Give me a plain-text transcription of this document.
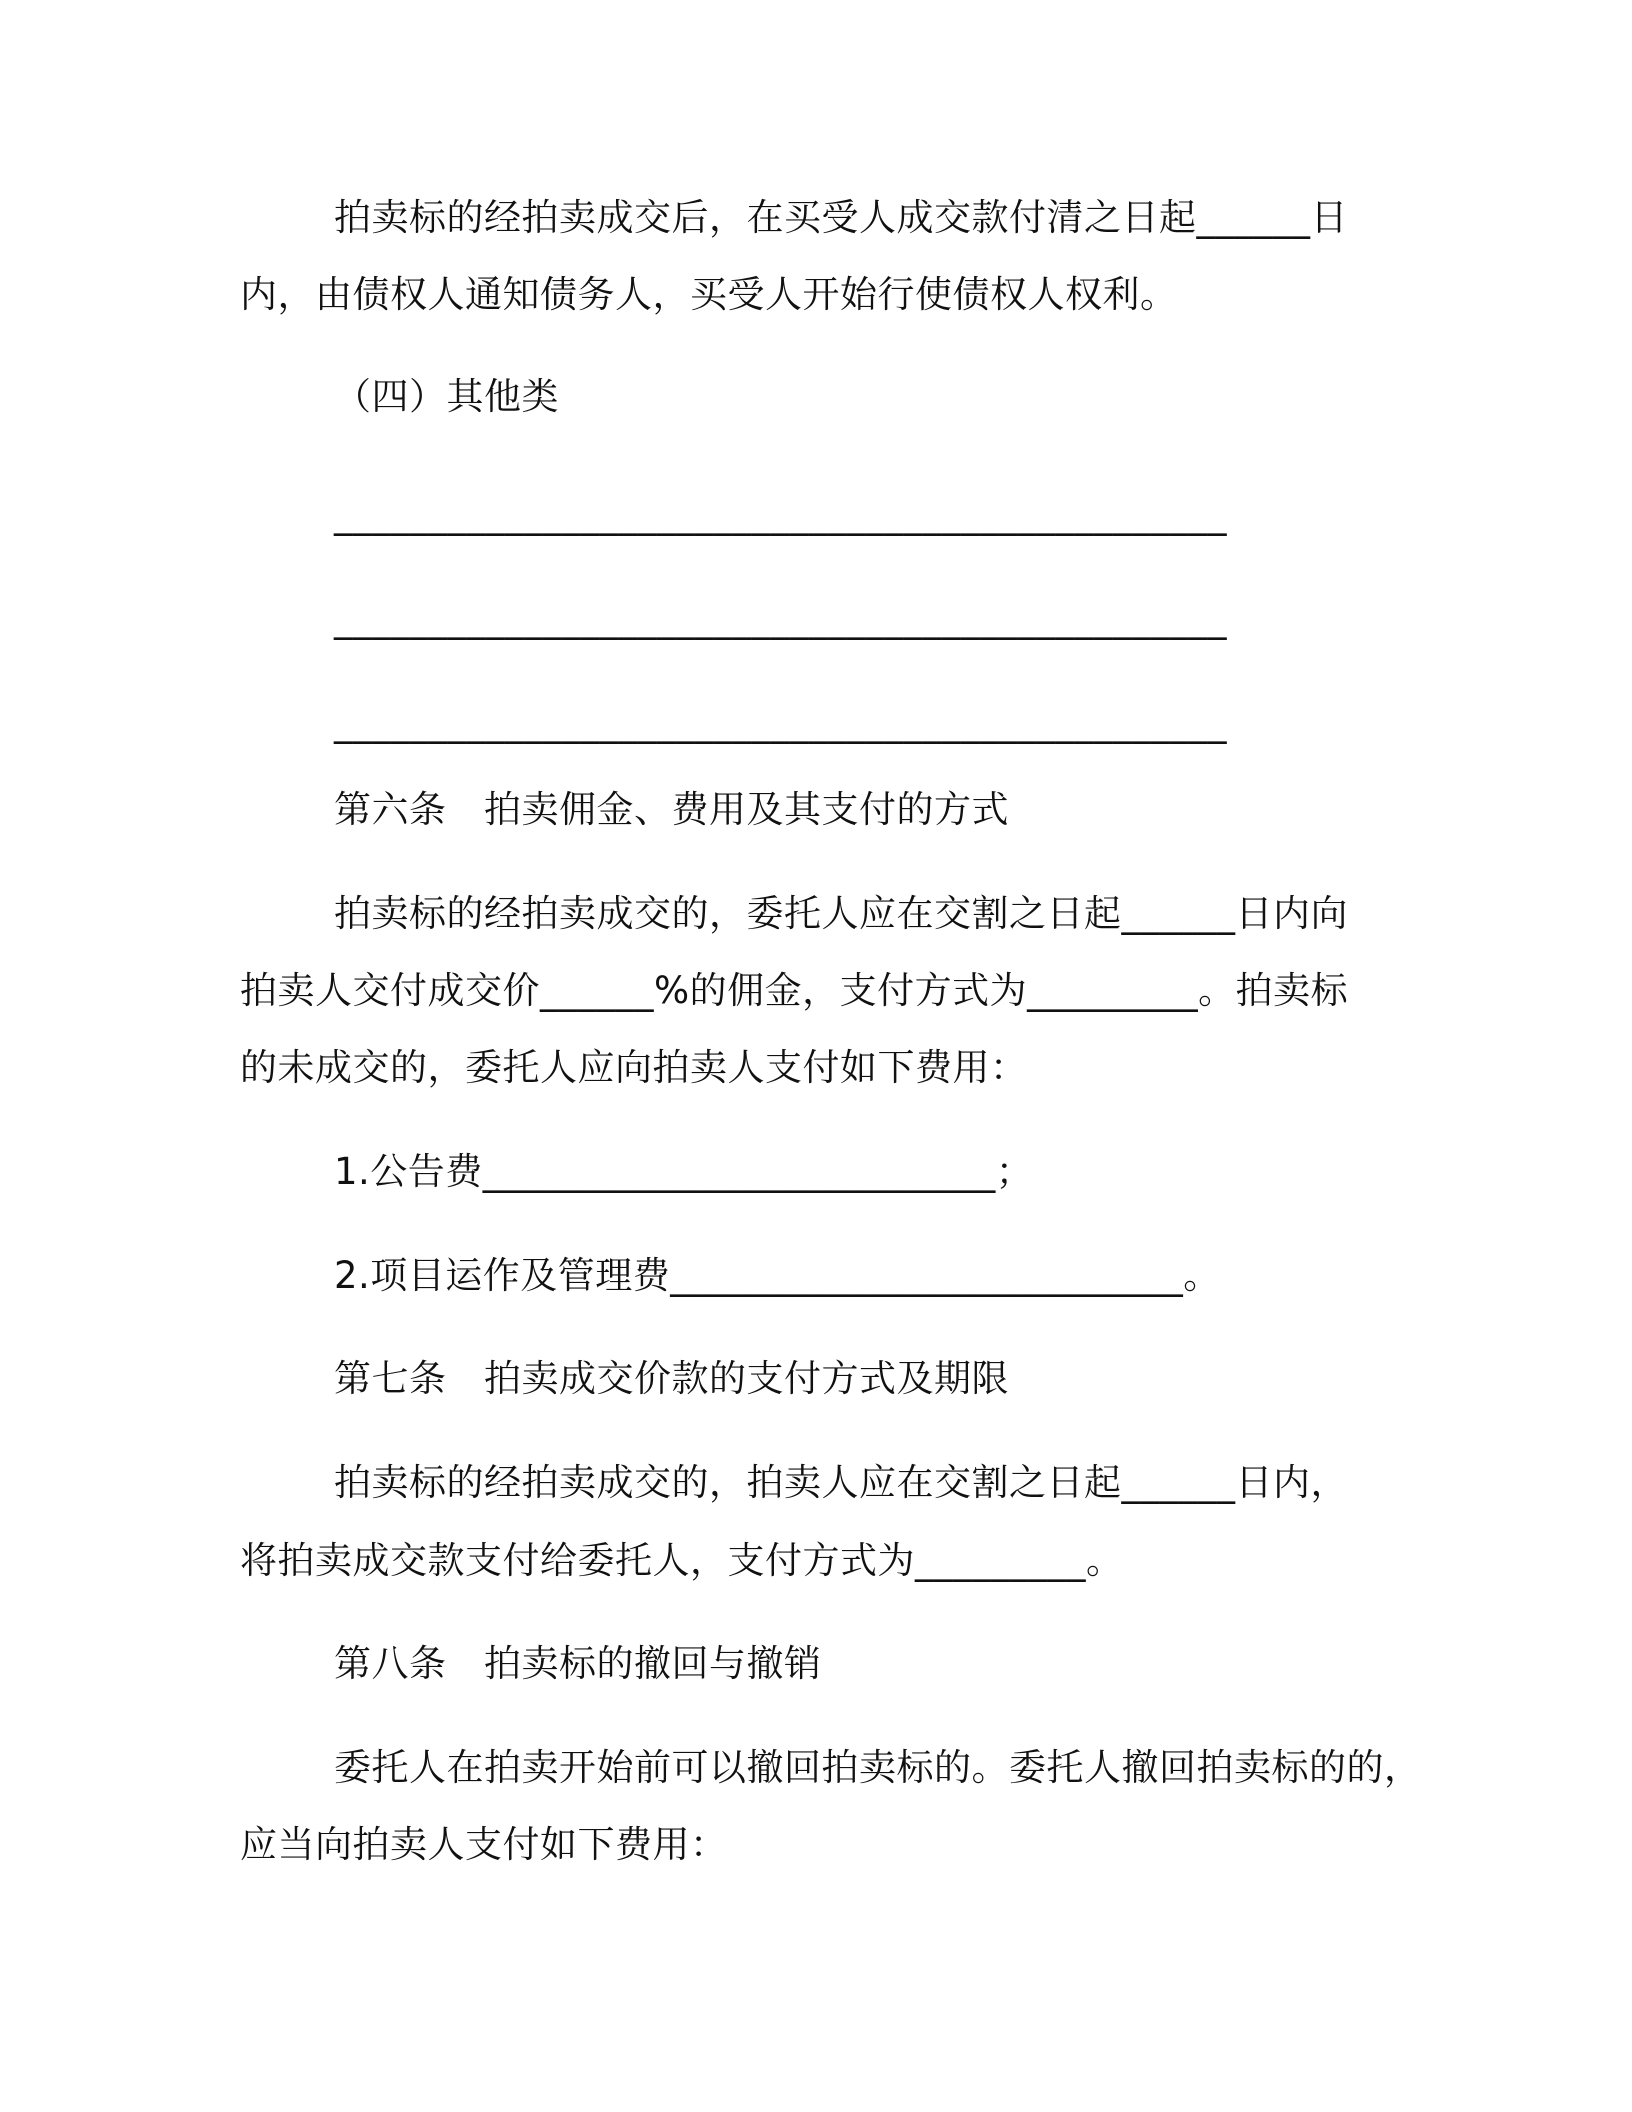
拍卖标的经拍卖成交后，在买受人成交款付清之日起______日

内，由债权人通知债务人，买受人开始行使债权人权利。

（四）其他类

_______________________________________________

_______________________________________________

_______________________________________________

第六条　拍卖佣金、费用及其支付的方式

拍卖标的经拍卖成交的，委托人应在交割之日起______日内向

拍卖人交付成交价______%的佣金，支付方式为_________。拍卖标

的未成交的，委托人应向拍卖人支付如下费用：

1.公告费___________________________；

2.项目运作及管理费___________________________。

第七条　拍卖成交价款的支付方式及期限

拍卖标的经拍卖成交的，拍卖人应在交割之日起______日内，

将拍卖成交款支付给委托人，支付方式为_________。

第八条　拍卖标的撤回与撤销

委托人在拍卖开始前可以撤回拍卖标的。委托人撤回拍卖标的的，

应当向拍卖人支付如下费用：
